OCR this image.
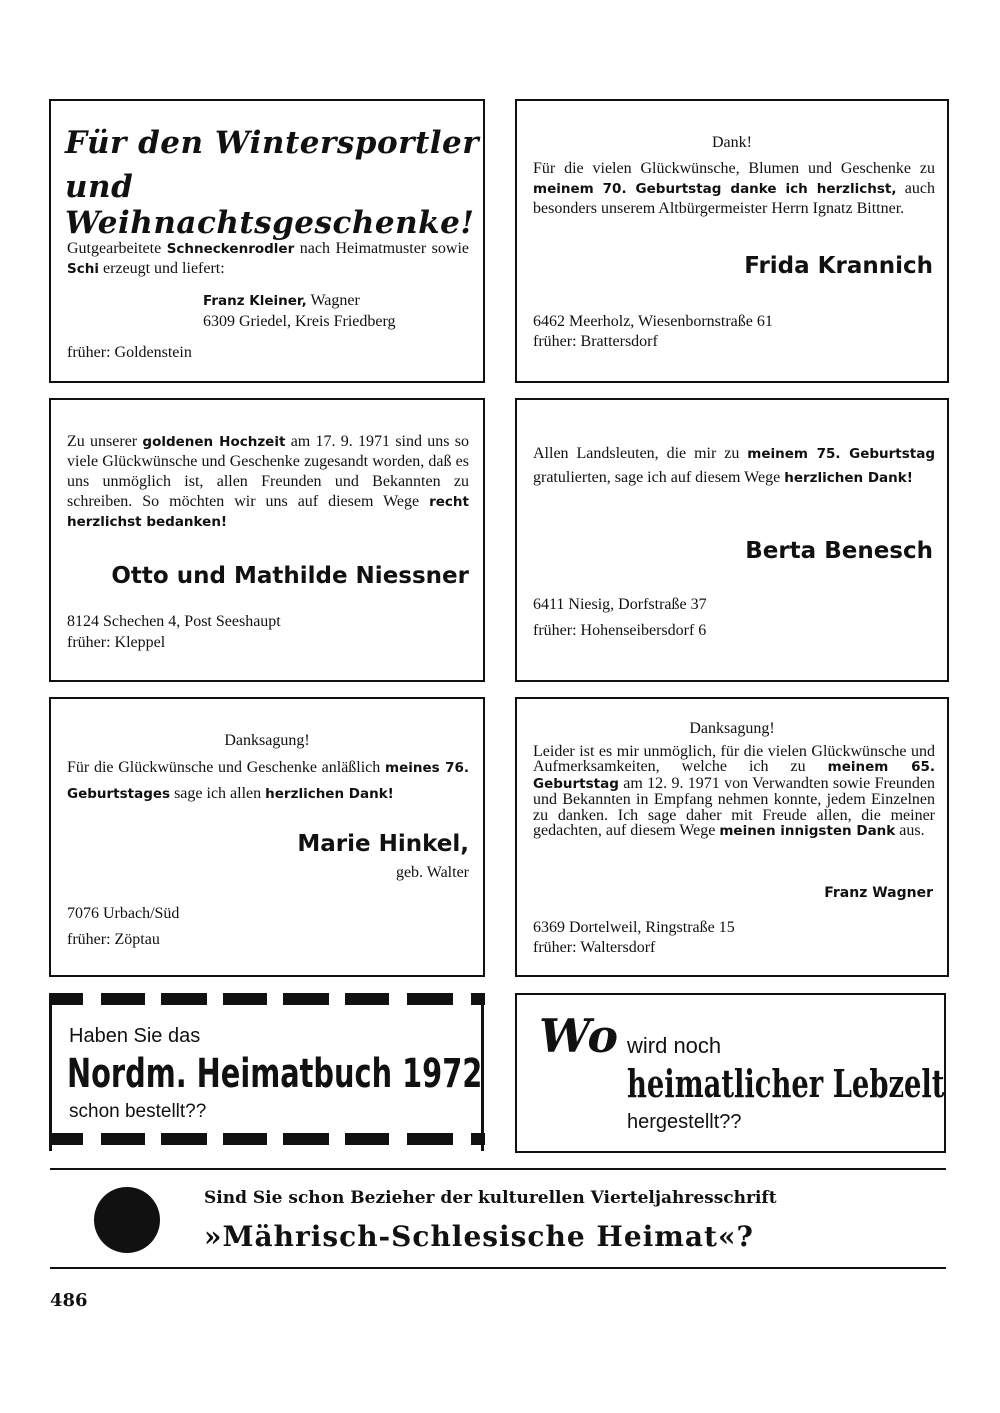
Für den Wintersportler
und Weihnachtsgeschenke!
Gutgearbeitete Schneckenrodler nach Heimatmuster sowie Schi erzeugt und liefert:
Franz Kleiner, Wagner
6309 Griedel, Kreis Friedberg
früher: Goldenstein
Dank!
Für die vielen Glückwünsche, Blumen und Geschenke zu meinem 70. Geburtstag danke ich herzlichst, auch besonders unserem Altbürgermeister Herrn Ignatz Bittner.
Frida Krannich
6462 Meerholz, Wiesenbornstraße 61
früher: Brattersdorf
Zu unserer goldenen Hochzeit am 17. 9. 1971 sind uns so viele Glückwünsche und Geschenke zugesandt worden, daß es uns unmöglich ist, allen Freunden und Bekannten zu schreiben. So möchten wir uns auf diesem Wege recht herzlichst bedanken!
Otto und Mathilde Niessner
8124 Schechen 4, Post Seeshaupt
früher: Kleppel
Allen Landsleuten, die mir zu meinem 75. Geburtstag gratulierten, sage ich auf diesem Wege herzlichen Dank!
Berta Benesch
6411 Niesig, Dorfstraße 37
früher: Hohenseibersdorf 6
Danksagung!
Für die Glückwünsche und Geschenke anläßlich meines 76. Geburtstages sage ich allen herzlichen Dank!
Marie Hinkel,
geb. Walter
7076 Urbach/Süd
früher: Zöptau
Danksagung!
Leider ist es mir unmöglich, für die vielen Glückwünsche und Aufmerksamkeiten, welche ich zu meinem 65. Geburtstag am 12. 9. 1971 von Verwandten sowie Freunden und Bekannten in Empfang nehmen konnte, jedem Einzelnen zu danken. Ich sage daher mit Freude allen, die meiner gedachten, auf diesem Wege meinen innigsten Dank aus.
Franz Wagner
6369 Dortelweil, Ringstraße 15
früher: Waltersdorf
Haben Sie das
Nordm. Heimatbuch 1972
schon bestellt??
Wo wird noch
heimatlicher Lebzelt
hergestellt??
Sind Sie schon Bezieher der kulturellen Vierteljahresschrift
»Mährisch-Schlesische Heimat«?
486
